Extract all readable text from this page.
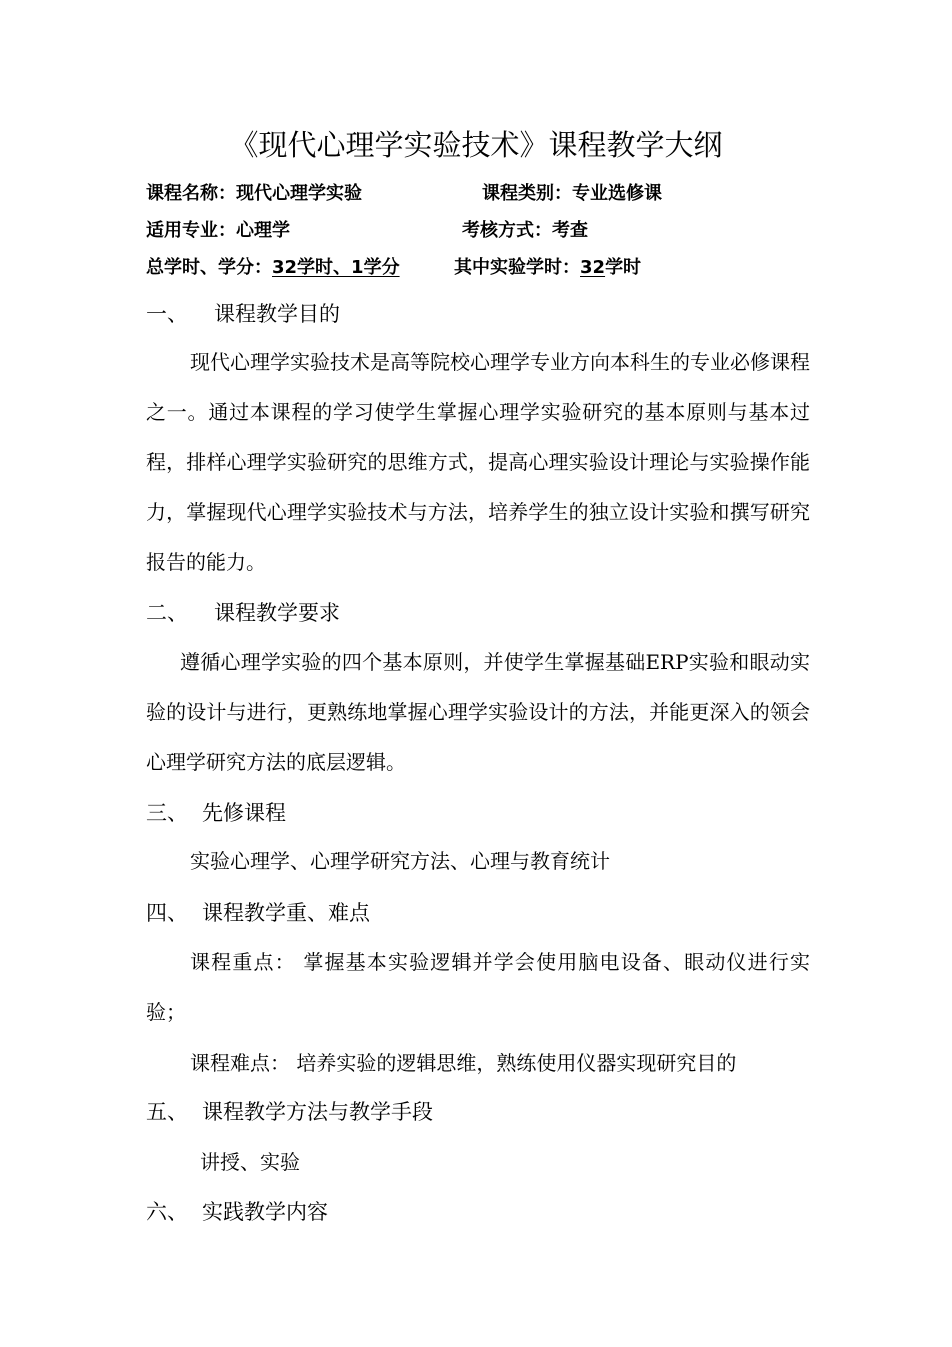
《现代心理学实验技术》课程教学大纲
课程名称：现代心理学实验	课程类别：专业选修课
适用专业：心理学	考核方式：考查
总学时、学分：32学时、1学分	其中实验学时：32学时
一、 课程教学目的
现代心理学实验技术是高等院校心理学专业方向本科生的专业必修课程之一。通过本课程的学习使学生掌握心理学实验研究的基本原则与基本过程，排样心理学实验研究的思维方式，提高心理实验设计理论与实验操作能力，掌握现代心理学实验技术与方法，培养学生的独立设计实验和撰写研究报告的能力。
二、 课程教学要求
遵循心理学实验的四个基本原则，并使学生掌握基础ERP实验和眼动实验的设计与进行，更熟练地掌握心理学实验设计的方法，并能更深入的领会心理学研究方法的底层逻辑。
三、 先修课程
实验心理学、心理学研究方法、心理与教育统计
四、 课程教学重、难点
课程重点： 掌握基本实验逻辑并学会使用脑电设备、眼动仪进行实验；
课程难点： 培养实验的逻辑思维，熟练使用仪器实现研究目的
五、 课程教学方法与教学手段
讲授、实验
六、 实践教学内容
